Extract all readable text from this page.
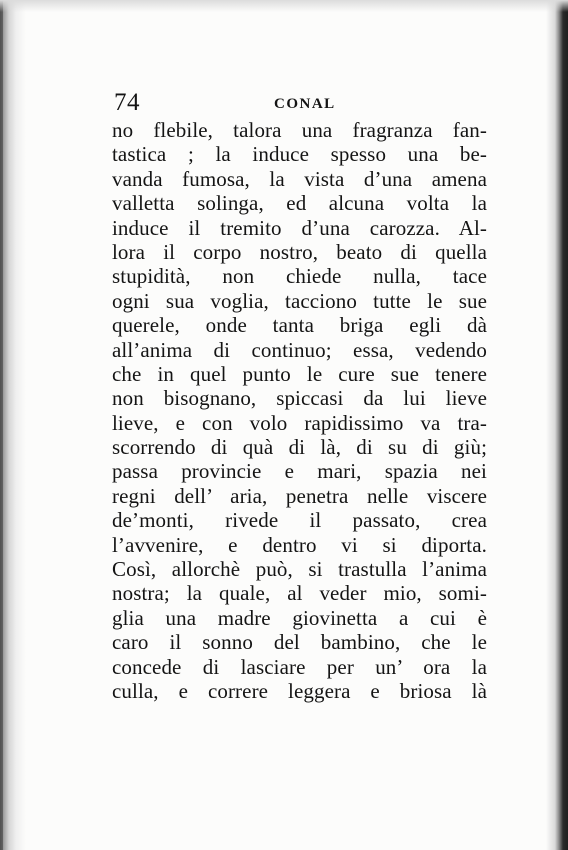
74	CONAL
no flebile, talora una fragranza fan-
tastica ; la induce spesso una be-
vanda fumosa, la vista d’una amena
valletta solinga, ed alcuna volta la
induce il tremito d’una carozza. Al-
lora il corpo nostro, beato di quella
stupidità, non chiede nulla, tace
ogni sua voglia, tacciono tutte le sue
querele, onde tanta briga egli dà
all’anima di continuo; essa, vedendo
che in quel punto le cure sue tenere
non bisognano, spiccasi da lui lieve
lieve, e con volo rapidissimo va tra-
scorrendo di quà di là, di su di giù;
passa provincie e mari, spazia nei
regni dell’ aria, penetra nelle viscere
de’monti, rivede il passato, crea
l’avvenire, e dentro vi si diporta.
Così, allorchè può, si trastulla l’anima
nostra; la quale, al veder mio, somi-
glia una madre giovinetta a cui è
caro il sonno del bambino, che le
concede di lasciare per un’ ora la
culla, e correre leggera e briosa là
